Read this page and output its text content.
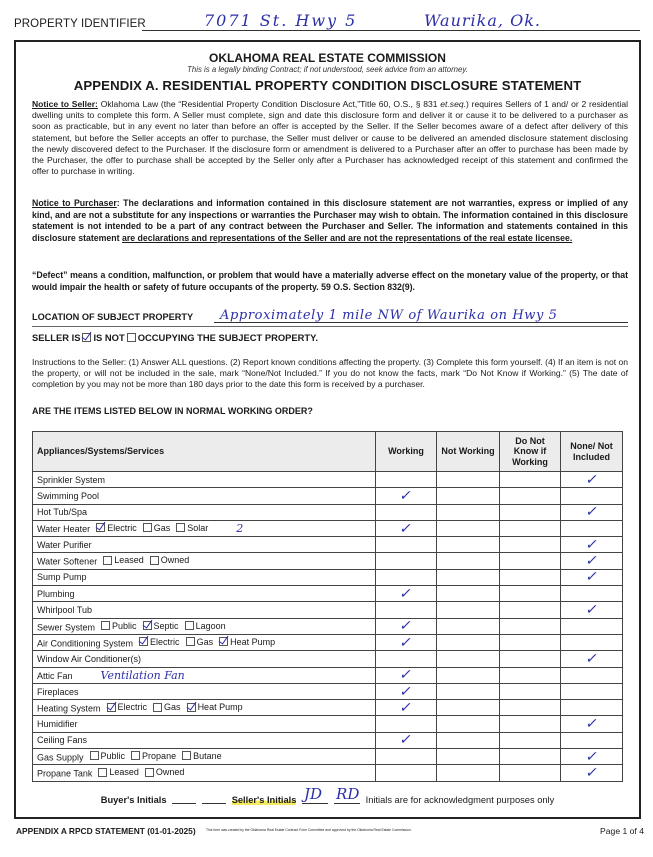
PROPERTY IDENTIFIER	7071 St. Hwy 5	Waurika, Ok.
OKLAHOMA REAL ESTATE COMMISSION
This is a legally binding Contract; if not understood, seek advice from an attorney.
APPENDIX A. RESIDENTIAL PROPERTY CONDITION DISCLOSURE STATEMENT
Notice to Seller: Oklahoma Law (the “Residential Property Condition Disclosure Act,”Title 60, O.S., § 831 et.seq.) requires Sellers of 1 and/ or 2 residential dwelling units to complete this form. A Seller must complete, sign and date this disclosure form and deliver it or cause it to be delivered to a purchaser as soon as practicable, but in any event no later than before an offer is accepted by the Seller. If the Seller becomes aware of a defect after delivery of this statement, but before the Seller accepts an offer to purchase, the Seller must deliver or cause to be delivered an amended disclosure statement disclosing the newly discovered defect to the Purchaser. If the disclosure form or amendment is delivered to a Purchaser after an offer to purchase has been made by the Purchaser, the offer to purchase shall be accepted by the Seller only after a Purchaser has acknowledged receipt of this statement and confirmed the offer to purchase in writing.
Notice to Purchaser: The declarations and information contained in this disclosure statement are not warranties, express or implied of any kind, and are not a substitute for any inspections or warranties the Purchaser may wish to obtain. The information contained in this disclosure statement is not intended to be a part of any contract between the Purchaser and Seller. The information and statements contained in this disclosure statement are declarations and representations of the Seller and are not the representations of the real estate licensee.
“Defect” means a condition, malfunction, or problem that would have a materially adverse effect on the monetary value of the property, or that would impair the health or safety of future occupants of the property. 59 O.S. Section 832(9).
LOCATION OF SUBJECT PROPERTY Approximately 1 mile NW of Waurika on Hwy 5
SELLER IS IS NOT OCCUPYING THE SUBJECT PROPERTY.
Instructions to the Seller: (1) Answer ALL questions. (2) Report known conditions affecting the property. (3) Complete this form yourself. (4) If an item is not on the property, or will not be included in the sale, mark “None/Not Included.” If you do not know the facts, mark “Do Not Know if Working.” (5) The date of completion by you may not be more than 180 days prior to the date this form is received by a purchaser.
ARE THE ITEMS LISTED BELOW IN NORMAL WORKING ORDER?
Appliances/Systems/Services	Working	Not Working	Do Not Know if Working	None/ Not Included
Sprinkler System				✓
Swimming Pool	✓			
Hot Tub/Spa				✓
Water Heater Electric Gas Solar 2	✓			
Water Purifier				✓
Water Softener Leased Owned				✓
Sump Pump				✓
Plumbing	✓			
Whirlpool Tub				✓
Sewer System Public Septic Lagoon	✓			
Air Conditioning System Electric Gas Heat Pump	✓			
Window Air Conditioner(s)				✓
Attic Fan Ventilation Fan	✓			
Fireplaces	✓			
Heating System Electric Gas Heat Pump	✓			
Humidifier				✓
Ceiling Fans	✓			
Gas Supply Public Propane Butane				✓
Propane Tank Leased Owned				✓
Buyer's Initials	Seller's Initials JD RD Initials are for acknowledgment purposes only
APPENDIX A RPCD STATEMENT (01-01-2025)	This form was created by the Oklahoma Real Estate Contract Form Committee and approved by the Oklahoma Real Estate Commission.	Page 1 of 4
